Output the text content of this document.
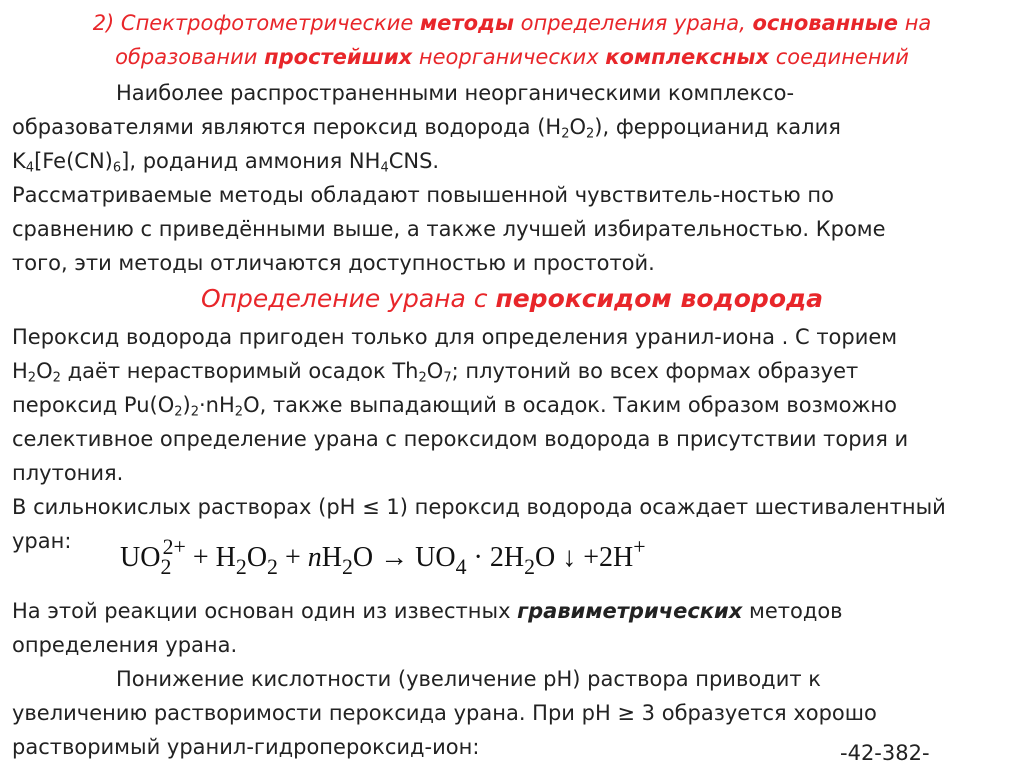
2) Спектрофотометрические методы определения урана, основанные на
образовании простейших неорганических комплексных соединений
Наиболее распространенными неорганическими комплексо-
образователями являются пероксид водорода $(H_2O_2)$, ферроцианид калия
$K_4[Fe(CN)_6]$, роданид аммония $NH_4CNS$.
Рассматриваемые методы обладают повышенной чувствитель-ностью по
сравнению с приведёнными выше, а также лучшей избирательностью. Кроме
того, эти методы отличаются доступностью и простотой.
Определение урана с пероксидом водорода
Пероксид водорода пригоден только для определения уранил-иона . С торием
$H_2O_2$ даёт нерастворимый осадок $Th_2O_7$; плутоний во всех формах образует
пероксид $Pu(O_2)_2\cdot nH_2O$, также выпадающий в осадок. Таким образом возможно
селективное определение урана с пероксидом водорода в присутствии тория и
плутония.
В сильнокислых растворах (pH ≤ 1) пероксид водорода осаждает шестивалентный
уран:
$UO_2^{2+} + H_2O_2 + nH_2O \to UO_4 \cdot 2H_2O$ ↓ +2H+
На этой реакции основан один из известных гравиметрических методов
определения урана.
Понижение кислотности (увеличение pH) раствора приводит к
увеличению растворимости пероксида урана. При pH ≥ 3 образуется хорошо
растворимый уранил-гидропероксид-ион:	-42-382-
